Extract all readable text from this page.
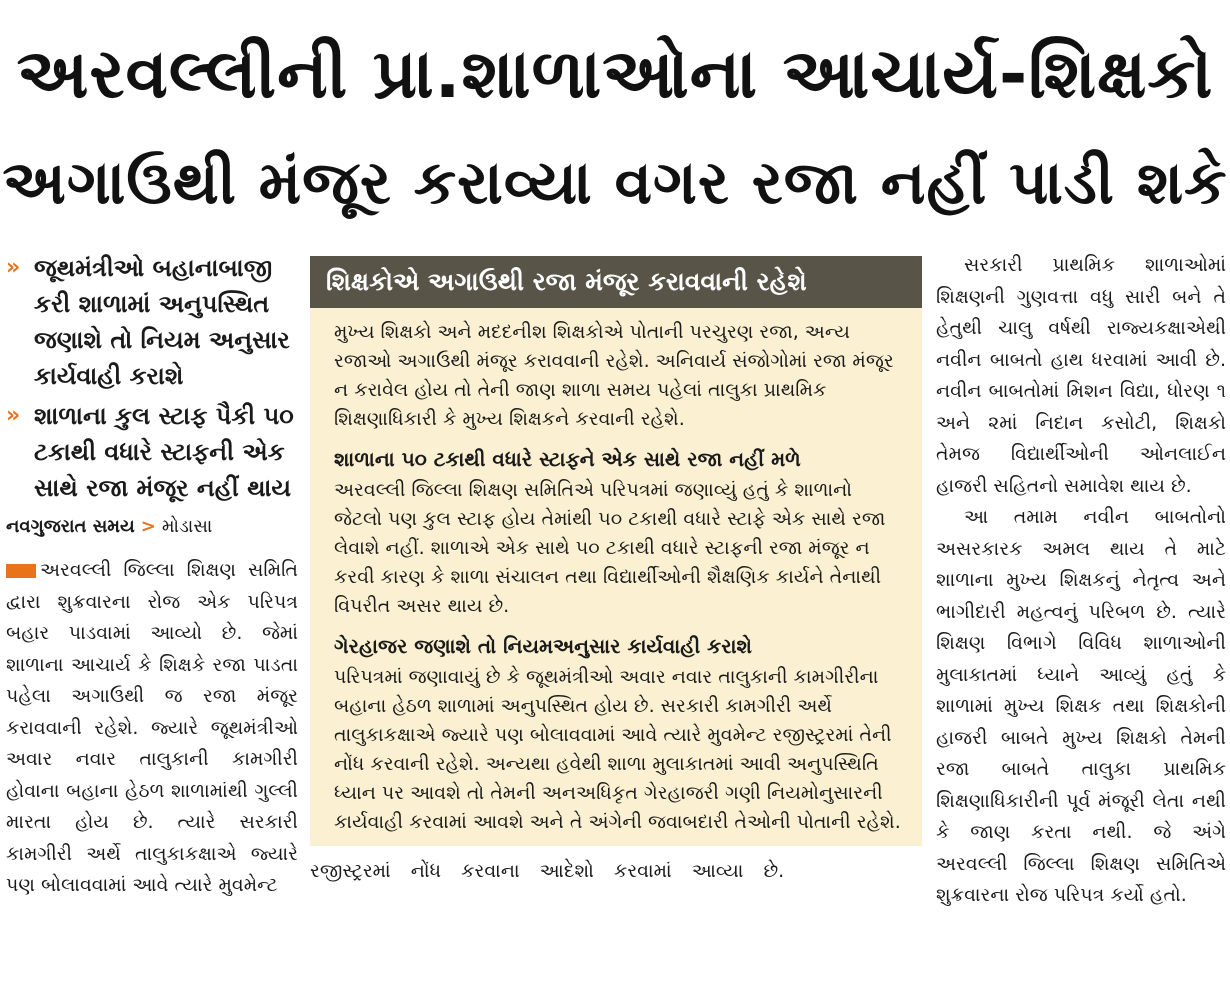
અરવલ્લીની પ્રા.શાળાઓના આચાર્ય-શિક્ષકો
અગાઉથી મંજૂર કરાવ્યા વગર રજા નહીં પાડી શકે
» જૂથમંત્રીઓ બહાનાબાજી કરી શાળામાં અનુપસ્થિત જણાશે તો નિયમ અનુસાર કાર્યવાહી કરાશે
» શાળાના કુલ સ્ટાફ પૈકી ૫૦ ટકાથી વધારે સ્ટાફની એક સાથે રજા મંજૂર નહીં થાય
નવગુજરાત સમય > મોડાસા

અરવલ્લી જિલ્લા શિક્ષણ સમિતિ દ્વારા શુક્રવારના રોજ એક પરિપત્ર બહાર પાડવામાં આવ્યો છે. જેમાં શાળાના આચાર્ય કે શિક્ષકે રજા પાડતા પહેલા અગાઉથી જ રજા મંજૂર કરાવવાની રહેશે. જ્યારે જૂથમંત્રીઓ અવાર નવાર તાલુકાની કામગીરી હોવાના બહાના હેઠળ શાળામાંથી ગુલ્લી મારતા હોય છે. ત્યારે સરકારી કામગીરી અર્થે તાલુકાકક્ષાએ જ્યારે પણ બોલાવવામાં આવે ત્યારે મુવમેન્ટ

શિક્ષકોએ અગાઉથી રજા મંજૂર કરાવવાની રહેશે

મુખ્ય શિક્ષકો અને મદદનીશ શિક્ષકોએ પોતાની પરચુરણ રજા, અન્ય રજાઓ અગાઉથી મંજૂર કરાવવાની રહેશે. અનિવાર્ય સંજોગોમાં રજા મંજૂર ન કરાવેલ હોય તો તેની જાણ શાળા સમય પહેલાં તાલુકા પ્રાથમિક શિક્ષણાધિકારી કે મુખ્ય શિક્ષકને કરવાની રહેશે.

શાળાના ૫૦ ટકાથી વધારે સ્ટાફને એક સાથે રજા નહીં મળે

અરવલ્લી જિલ્લા શિક્ષણ સમિતિએ પરિપત્રમાં જણાવ્યું હતું કે શાળાનો જેટલો પણ કુલ સ્ટાફ હોય તેમાંથી ૫૦ ટકાથી વધારે સ્ટાફે એક સાથે રજા લેવાશે નહીં. શાળાએ એક સાથે ૫૦ ટકાથી વધારે સ્ટાફની રજા મંજૂર ન કરવી કારણ કે શાળા સંચાલન તથા વિદ્યાર્થીઓની શૈક્ષણિક કાર્યને તેનાથી વિપરીત અસર થાય છે.

ગેરહાજર જણાશે તો નિયમઅનુસાર કાર્યવાહી કરાશે

પરિપત્રમાં જણાવાયું છે કે જૂથમંત્રીઓ અવાર નવાર તાલુકાની કામગીરીના બહાના હેઠળ શાળામાં અનુપસ્થિત હોય છે. સરકારી કામગીરી અર્થે તાલુકાકક્ષાએ જ્યારે પણ બોલાવવામાં આવે ત્યારે મુવમેન્ટ રજીસ્ટ્રરમાં તેની નોંધ કરવાની રહેશે. અન્યથા હવેથી શાળા મુલાકાતમાં આવી અનુપસ્થિતિ ધ્યાન પર આવશે તો તેમની અનઅધિકૃત ગેરહાજરી ગણી નિયમોનુસારની કાર્યવાહી કરવામાં આવશે અને તે અંગેની જવાબદારી તેઓની પોતાની રહેશે.

રજીસ્ટ્રરમાં નોંધ કરવાના આદેશો કરવામાં આવ્યા છે.

સરકારી પ્રાથમિક શાળાઓમાં શિક્ષણની ગુણવત્તા વધુ સારી બને તે હેતુથી ચાલુ વર્ષથી રાજ્યકક્ષાએથી નવીન બાબતો હાથ ધરવામાં આવી છે. નવીન બાબતોમાં મિશન વિદ્યા, ધોરણ ૧ અને ૨માં નિદાન કસોટી, શિક્ષકો તેમજ વિદ્યાર્થીઓની ઓનલાઈન હાજરી સહિતનો સમાવેશ થાય છે.

આ તમામ નવીન બાબતોનો અસરકારક અમલ થાય તે માટે શાળાના મુખ્ય શિક્ષકનું નેતૃત્વ અને ભાગીદારી મહત્વનું પરિબળ છે. ત્યારે શિક્ષણ વિભાગે વિવિધ શાળાઓની મુલાકાતમાં ધ્યાને આવ્યું હતું કે શાળામાં મુખ્ય શિક્ષક તથા શિક્ષકોની હાજરી બાબતે મુખ્ય શિક્ષકો તેમની રજા બાબતે તાલુકા પ્રાથમિક શિક્ષણાધિકારીની પૂર્વ મંજૂરી લેતા નથી કે જાણ કરતા નથી. જે અંગે અરવલ્લી જિલ્લા શિક્ષણ સમિતિએ શુક્રવારના રોજ પરિપત્ર કર્યો હતો.
